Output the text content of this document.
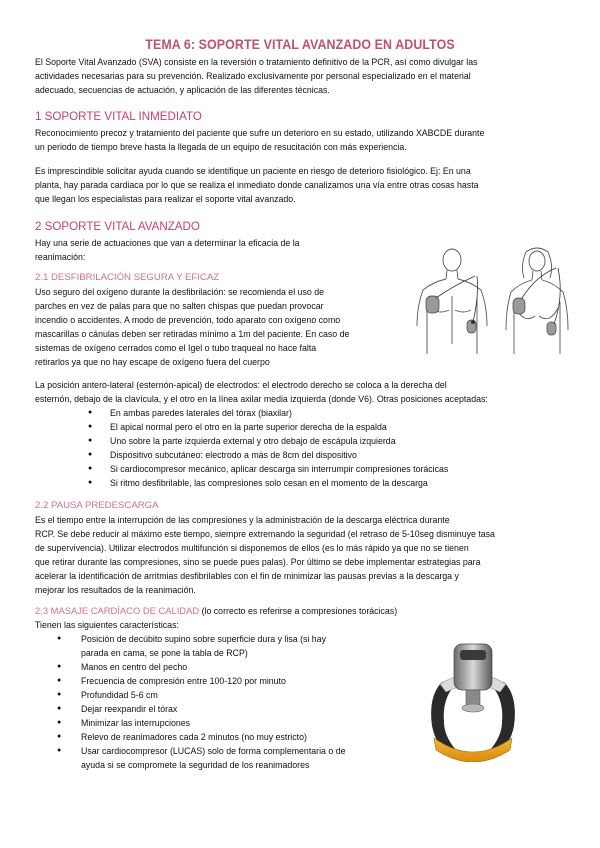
TEMA 6: SOPORTE VITAL AVANZADO EN ADULTOS

El Soporte Vital Avanzado (SVA) consiste en la reversión o tratamiento definitivo de la PCR, así como divulgar las

actividades necesarias para su prevención. Realizado exclusivamente por personal especializado en el material

adecuado, secuencias de actuación, y aplicación de las diferentes técnicas.

1 SOPORTE VITAL INMEDIATO

Reconocimiento precoz y tratamiento del paciente que sufre un deterioro en su estado, utilizando XABCDE durante

un periodo de tiempo breve hasta la llegada de un equipo de resucitación con más experiencia.

Es imprescindible solicitar ayuda cuando se identifique un paciente en riesgo de deterioro fisiológico. Ej: En una

planta, hay parada cardiaca por lo que se realiza el inmediato donde canalizamos una vía entre otras cosas hasta

que llegan los especialistas para realizar el soporte vital avanzado.

2 SOPORTE VITAL AVANZADO

Hay una serie de actuaciones que van a determinar la eficacia de la

reanimación:

2.1 DESFIBRILACIÓN SEGURA Y EFICAZ

Uso seguro del oxígeno durante la desfibrilación: se recomienda el uso de

parches en vez de palas para que no salten chispas que puedan provocar

incendio o accidentes. A modo de prevención, todo aparato con oxígeno como

mascarillas o cánulas deben ser retiradas mínimo a 1m del paciente. En caso de

sistemas de oxígeno cerrados como el Igel o tubo traqueal no hace falta

retirarlos ya que no hay escape de oxígeno fuera del cuerpo

La posición antero-lateral (esternón-apical) de electrodos: el electrodo derecho se coloca a la derecha del

esternón, debajo de la clavícula, y el otro en la línea axilar media izquierda (donde V6). Otras posiciones aceptadas:

● En ambas paredes laterales del tórax (biaxilar)
● El apical normal pero el otro en la parte superior derecha de la espalda
● Uno sobre la parte izquierda external y otro debajo de escápula izquierda
● Dispositivo subcutáneo: electrodo a más de 8cm del dispositivo
● Si cardiocompresor mecánico, aplicar descarga sin interrumpir compresiones torácicas
● Si ritmo desfibrilable, las compresiones solo cesan en el momento de la descarga
2.2 PAUSA PREDESCARGA

Es el tiempo entre la interrupción de las compresiones y la administración de la descarga eléctrica durante

RCP. Se debe reducir al máximo este tiempo, siempre extremando la seguridad (el retraso de 5-10seg disminuye tasa

de supervivencia). Utilizar electrodos multifunción si disponemos de ellos (es lo más rápido ya que no se tienen

que retirar durante las compresiones, sino se puede pues palas). Por último se debe implementar estrategias para

acelerar la identificación de arritmias desfibrilables con el fin de minimizar las pausas previas a la descarga y

mejorar los resultados de la reanimación.

2.3 MASAJE CARDÍACO DE CALIDAD (lo correcto es referirse a compresiones torácicas)

Tienen las siguientes características:

● Posición de decúbito supino sobre superficie dura y lisa (si hay
parada en cama, se pone la tabla de RCP)
● Manos en centro del pecho
● Frecuencia de compresión entre 100-120 por minuto
● Profundidad 5-6 cm
● Dejar reexpandir el tórax
● Minimizar las interrupciones
● Relevo de reanimadores cada 2 minutos (no muy estricto)
● Usar cardiocompresor (LUCAS) solo de forma complementaria o de
ayuda si se compromete la seguridad de los reanimadores
